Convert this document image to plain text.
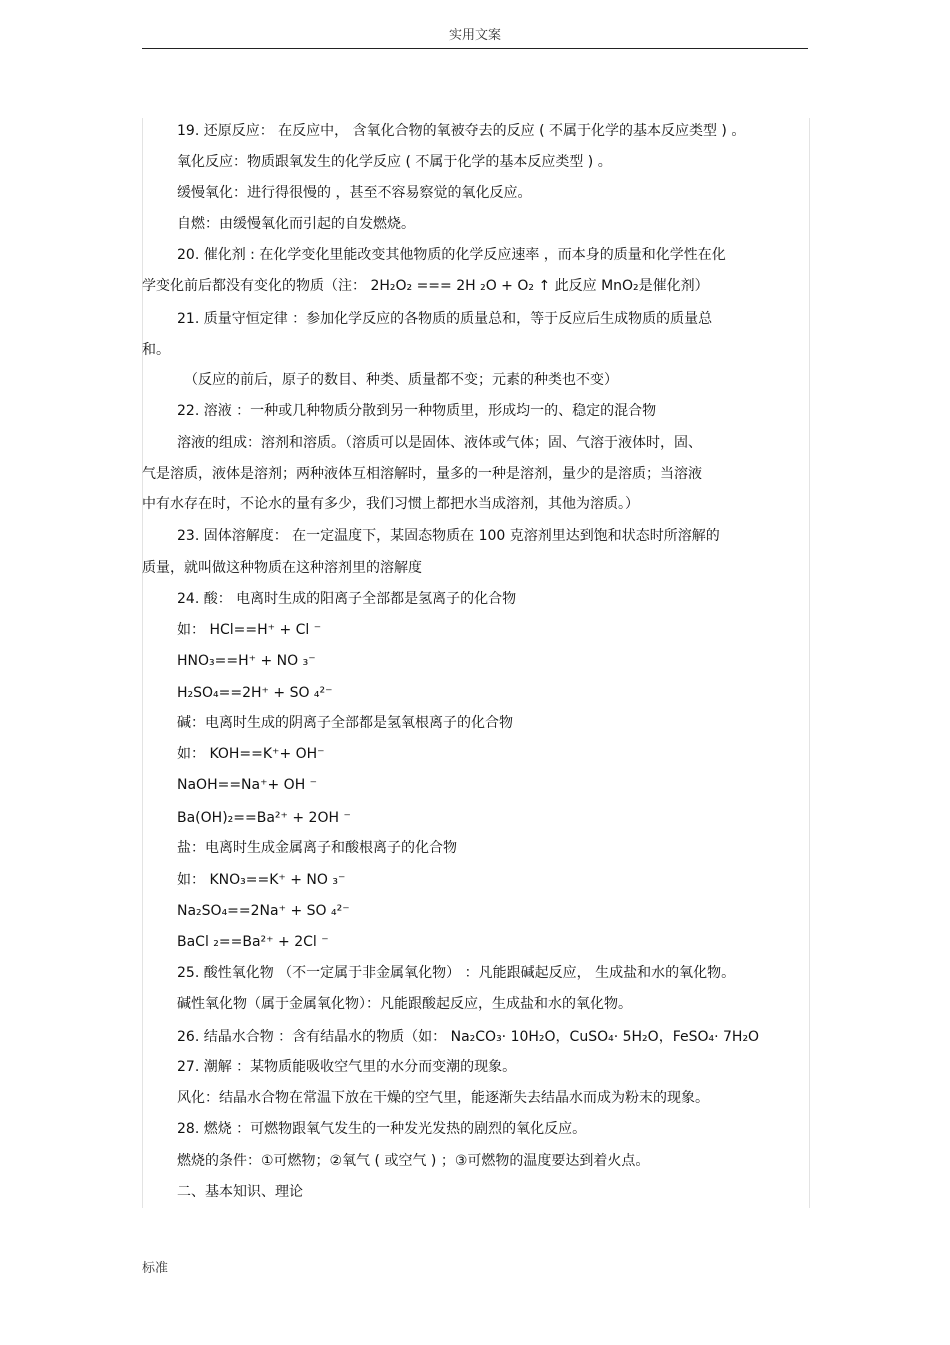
实用文案
19. 还原反应： 在反应中， 含氧化合物的氧被夺去的反应 ( 不属于化学的基本反应类型 ) 。
氧化反应：物质跟氧发生的化学反应 ( 不属于化学的基本反应类型 ) 。
缓慢氧化：进行得很慢的 ，甚至不容易察觉的氧化反应。
自燃：由缓慢氧化而引起的自发燃烧。
20. 催化剂 : 在化学变化里能改变其他物质的化学反应速率 ，而本身的质量和化学性在化
学变化前后都没有变化的物质（注： 2H₂O₂ === 2H ₂O + O₂ ↑ 此反应 MnO₂是催化剂）
21. 质量守恒定律 ：参加化学反应的各物质的质量总和，等于反应后生成物质的质量总
和。
（反应的前后，原子的数目、种类、质量都不变；元素的种类也不变）
22. 溶液 ：一种或几种物质分散到另一种物质里，形成均一的、稳定的混合物
溶液的组成：溶剂和溶质。（溶质可以是固体、液体或气体；固、气溶于液体时，固、
气是溶质，液体是溶剂；两种液体互相溶解时，量多的一种是溶剂，量少的是溶质；当溶液
中有水存在时，不论水的量有多少，我们习惯上都把水当成溶剂，其他为溶质。）
23. 固体溶解度： 在一定温度下，某固态物质在 100 克溶剂里达到饱和状态时所溶解的
质量，就叫做这种物质在这种溶剂里的溶解度
24. 酸： 电离时生成的阳离子全部都是氢离子的化合物
如： HCl==H⁺ + Cl ⁻
HNO₃==H⁺ + NO ₃⁻
H₂SO₄==2H⁺ + SO ₄²⁻
碱：电离时生成的阴离子全部都是氢氧根离子的化合物
如： KOH==K⁺+ OH⁻
NaOH==Na⁺+ OH ⁻
Ba(OH)₂==Ba²⁺ + 2OH ⁻
盐：电离时生成金属离子和酸根离子的化合物
如： KNO₃==K⁺ + NO ₃⁻
Na₂SO₄==2Na⁺ + SO ₄²⁻
BaCl ₂==Ba²⁺ + 2Cl ⁻
25. 酸性氧化物 （不一定属于非金属氧化物） ：凡能跟碱起反应， 生成盐和水的氧化物。
碱性氧化物（属于金属氧化物）：凡能跟酸起反应，生成盐和水的氧化物。
26. 结晶水合物 ：含有结晶水的物质（如： Na₂CO₃· 10H₂O，CuSO₄· 5H₂O，FeSO₄· 7H₂O
27. 潮解 ：某物质能吸收空气里的水分而变潮的现象。
风化：结晶水合物在常温下放在干燥的空气里，能逐渐失去结晶水而成为粉末的现象。
28. 燃烧 ：可燃物跟氧气发生的一种发光发热的剧烈的氧化反应。
燃烧的条件：①可燃物；②氧气 ( 或空气 ) ；③可燃物的温度要达到着火点。
二、基本知识、理论
标准
